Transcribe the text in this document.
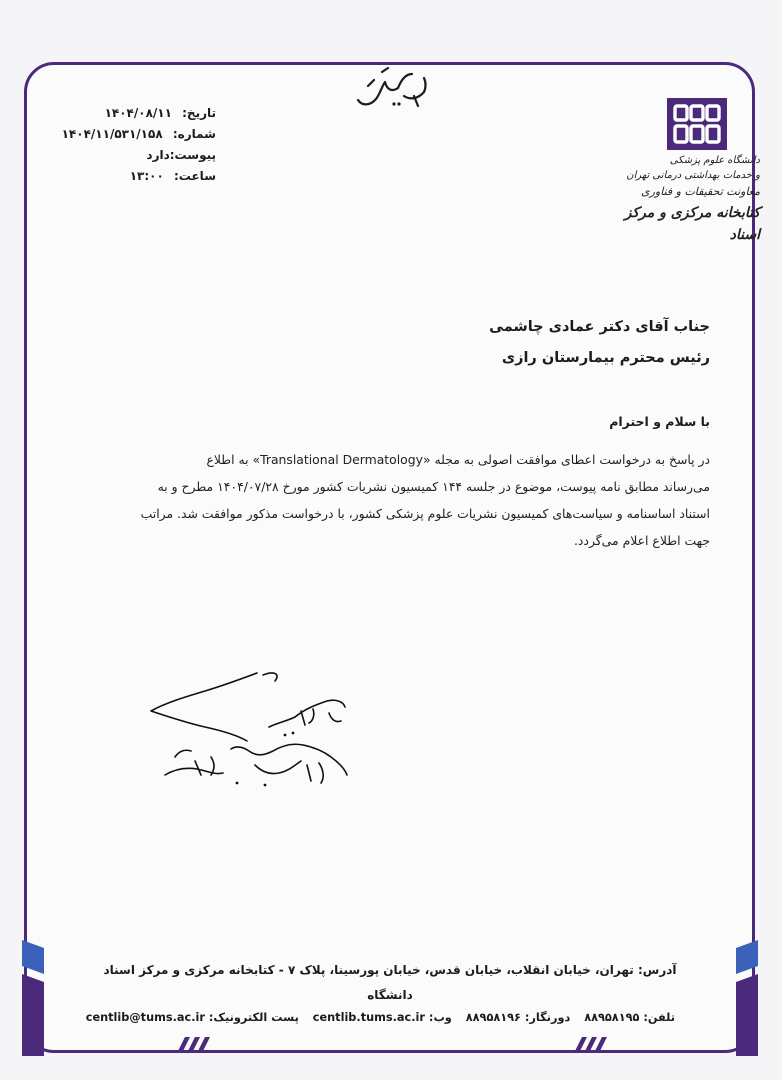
تاریخ: ۱۴۰۴/۰۸/۱۱
شماره: ۱۴۰۴/۱۱/۵۳۱/۱۵۸
پیوست:دارد
ساعت: ۱۳:۰۰
دانشگاه علوم پزشکی
و خدمات بهداشتی درمانی تهران
معاونت تحقیقات و فناوری
کتابخانه مرکزی و مرکز اسناد
جناب آقای دکتر عمادی چاشمی
رئیس محترم بیمارستان رازی
با سلام و احترام
در پاسخ به درخواست اعطای موافقت اصولی به مجله «Translational Dermatology» به اطلاع
می‌رساند مطابق نامه پیوست، موضوع در جلسه ۱۴۴ کمیسیون نشریات کشور مورخ ۱۴۰۴/۰۷/۲۸ مطرح و به
استناد اساسنامه و سیاست‌های کمیسیون نشریات علوم پزشکی کشور، با درخواست مذکور موافقت شد. مراتب
جهت اطلاع اعلام می‌گردد.
آدرس: تهران، خیابان انقلاب، خیابان قدس، خیابان پورسینا، پلاک ۷ - کتابخانه مرکزی و مرکز اسناد
دانشگاه
تلفن: ۸۸۹۵۸۱۹۵ دورنگار: ۸۸۹۵۸۱۹۶ وب: centlib.tums.ac.ir پست الکترونیک: centlib@tums.ac.ir
